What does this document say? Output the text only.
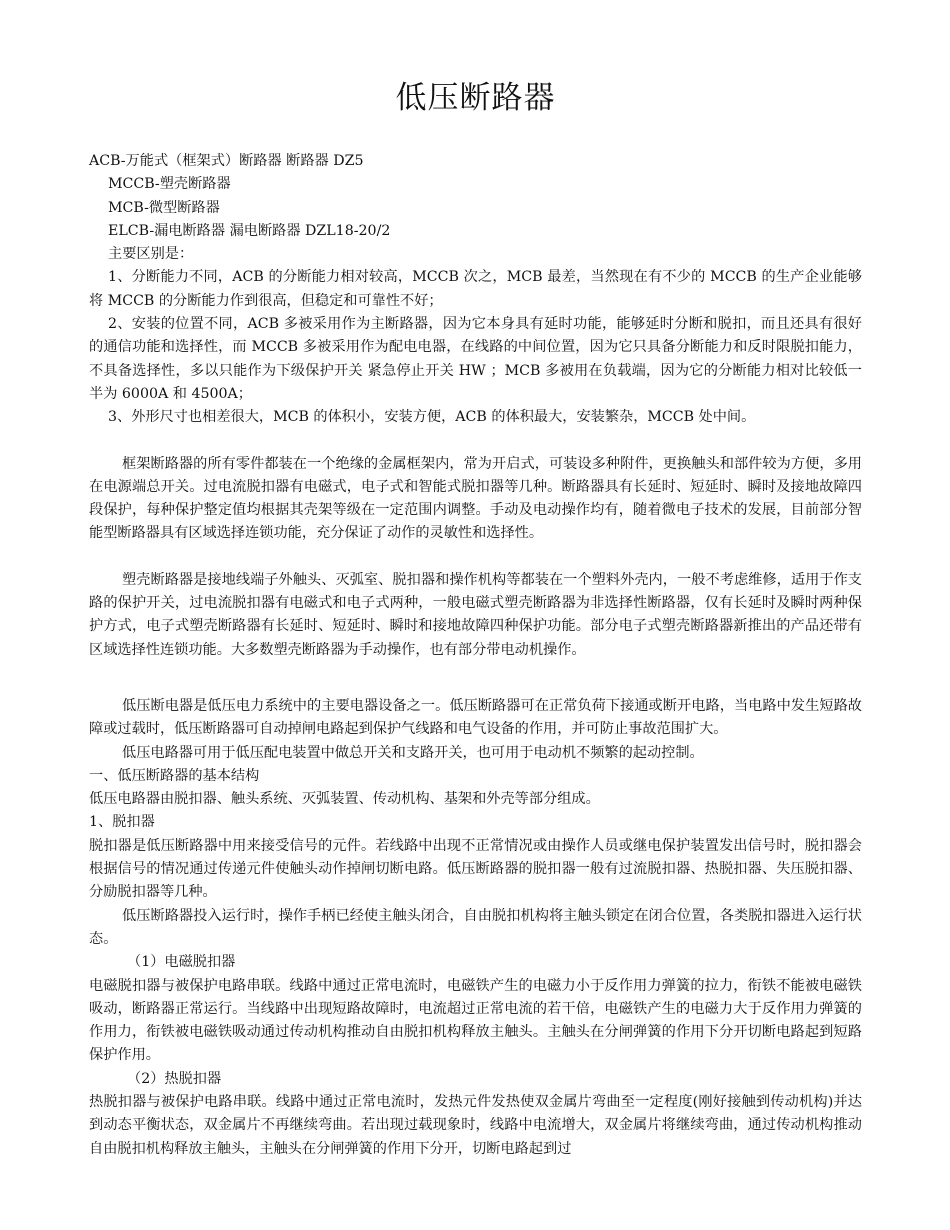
低压断路器

ACB-万能式（框架式）断路器 断路器 DZ5

MCCB-塑壳断路器

MCB-微型断路器

ELCB-漏电断路器 漏电断路器 DZL18-20/2

主要区别是：

1、分断能力不同，ACB 的分断能力相对较高，MCCB 次之，MCB 最差，当然现在有不少的 MCCB 的生产企业能够将 MCCB 的分断能力作到很高，但稳定和可靠性不好；

2、安装的位置不同，ACB 多被采用作为主断路器，因为它本身具有延时功能，能够延时分断和脱扣，而且还具有很好的通信功能和选择性，而 MCCB 多被采用作为配电电器，在线路的中间位置，因为它只具备分断能力和反时限脱扣能力，不具备选择性，多以只能作为下级保护开关 紧急停止开关 HW ；MCB 多被用在负载端，因为它的分断能力相对比较低一半为 6000A 和 4500A；

3、外形尺寸也相差很大，MCB 的体积小，安装方便，ACB 的体积最大，安装繁杂，MCCB 处中间。

框架断路器的所有零件都装在一个绝缘的金属框架内，常为开启式，可装设多种附件，更换触头和部件较为方便，多用在电源端总开关。过电流脱扣器有电磁式，电子式和智能式脱扣器等几种。断路器具有长延时、短延时、瞬时及接地故障四段保护，每种保护整定值均根据其壳架等级在一定范围内调整。手动及电动操作均有，随着微电子技术的发展，目前部分智能型断路器具有区域选择连锁功能，充分保证了动作的灵敏性和选择性。

塑壳断路器是接地线端子外触头、灭弧室、脱扣器和操作机构等都装在一个塑料外壳内，一般不考虑维修，适用于作支路的保护开关，过电流脱扣器有电磁式和电子式两种，一般电磁式塑壳断路器为非选择性断路器，仅有长延时及瞬时两种保护方式，电子式塑壳断路器有长延时、短延时、瞬时和接地故障四种保护功能。部分电子式塑壳断路器新推出的产品还带有区域选择性连锁功能。大多数塑壳断路器为手动操作，也有部分带电动机操作。

低压断电器是低压电力系统中的主要电器设备之一。低压断路器可在正常负荷下接通或断开电路，当电路中发生短路故障或过载时，低压断路器可自动掉闸电路起到保护气线路和电气设备的作用，并可防止事故范围扩大。

低压电路器可用于低压配电装置中做总开关和支路开关，也可用于电动机不频繁的起动控制。

一、低压断路器的基本结构

低压电路器由脱扣器、触头系统、灭弧装置、传动机构、基架和外壳等部分组成。

1、脱扣器

脱扣器是低压断路器中用来接受信号的元件。若线路中出现不正常情况或由操作人员或继电保护装置发出信号时，脱扣器会根据信号的情况通过传递元件使触头动作掉闸切断电路。低压断路器的脱扣器一般有过流脱扣器、热脱扣器、失压脱扣器、分励脱扣器等几种。

低压断路器投入运行时，操作手柄已经使主触头闭合，自由脱扣机构将主触头锁定在闭合位置，各类脱扣器进入运行状态。

（1）电磁脱扣器

电磁脱扣器与被保护电路串联。线路中通过正常电流时，电磁铁产生的电磁力小于反作用力弹簧的拉力，衔铁不能被电磁铁吸动，断路器正常运行。当线路中出现短路故障时，电流超过正常电流的若干倍，电磁铁产生的电磁力大于反作用力弹簧的作用力，衔铁被电磁铁吸动通过传动机构推动自由脱扣机构释放主触头。主触头在分闸弹簧的作用下分开切断电路起到短路保护作用。

（2）热脱扣器

热脱扣器与被保护电路串联。线路中通过正常电流时，发热元件发热使双金属片弯曲至一定程度(刚好接触到传动机构)并达到动态平衡状态，双金属片不再继续弯曲。若出现过载现象时，线路中电流增大，双金属片将继续弯曲，通过传动机构推动自由脱扣机构释放主触头，主触头在分闸弹簧的作用下分开，切断电路起到过
